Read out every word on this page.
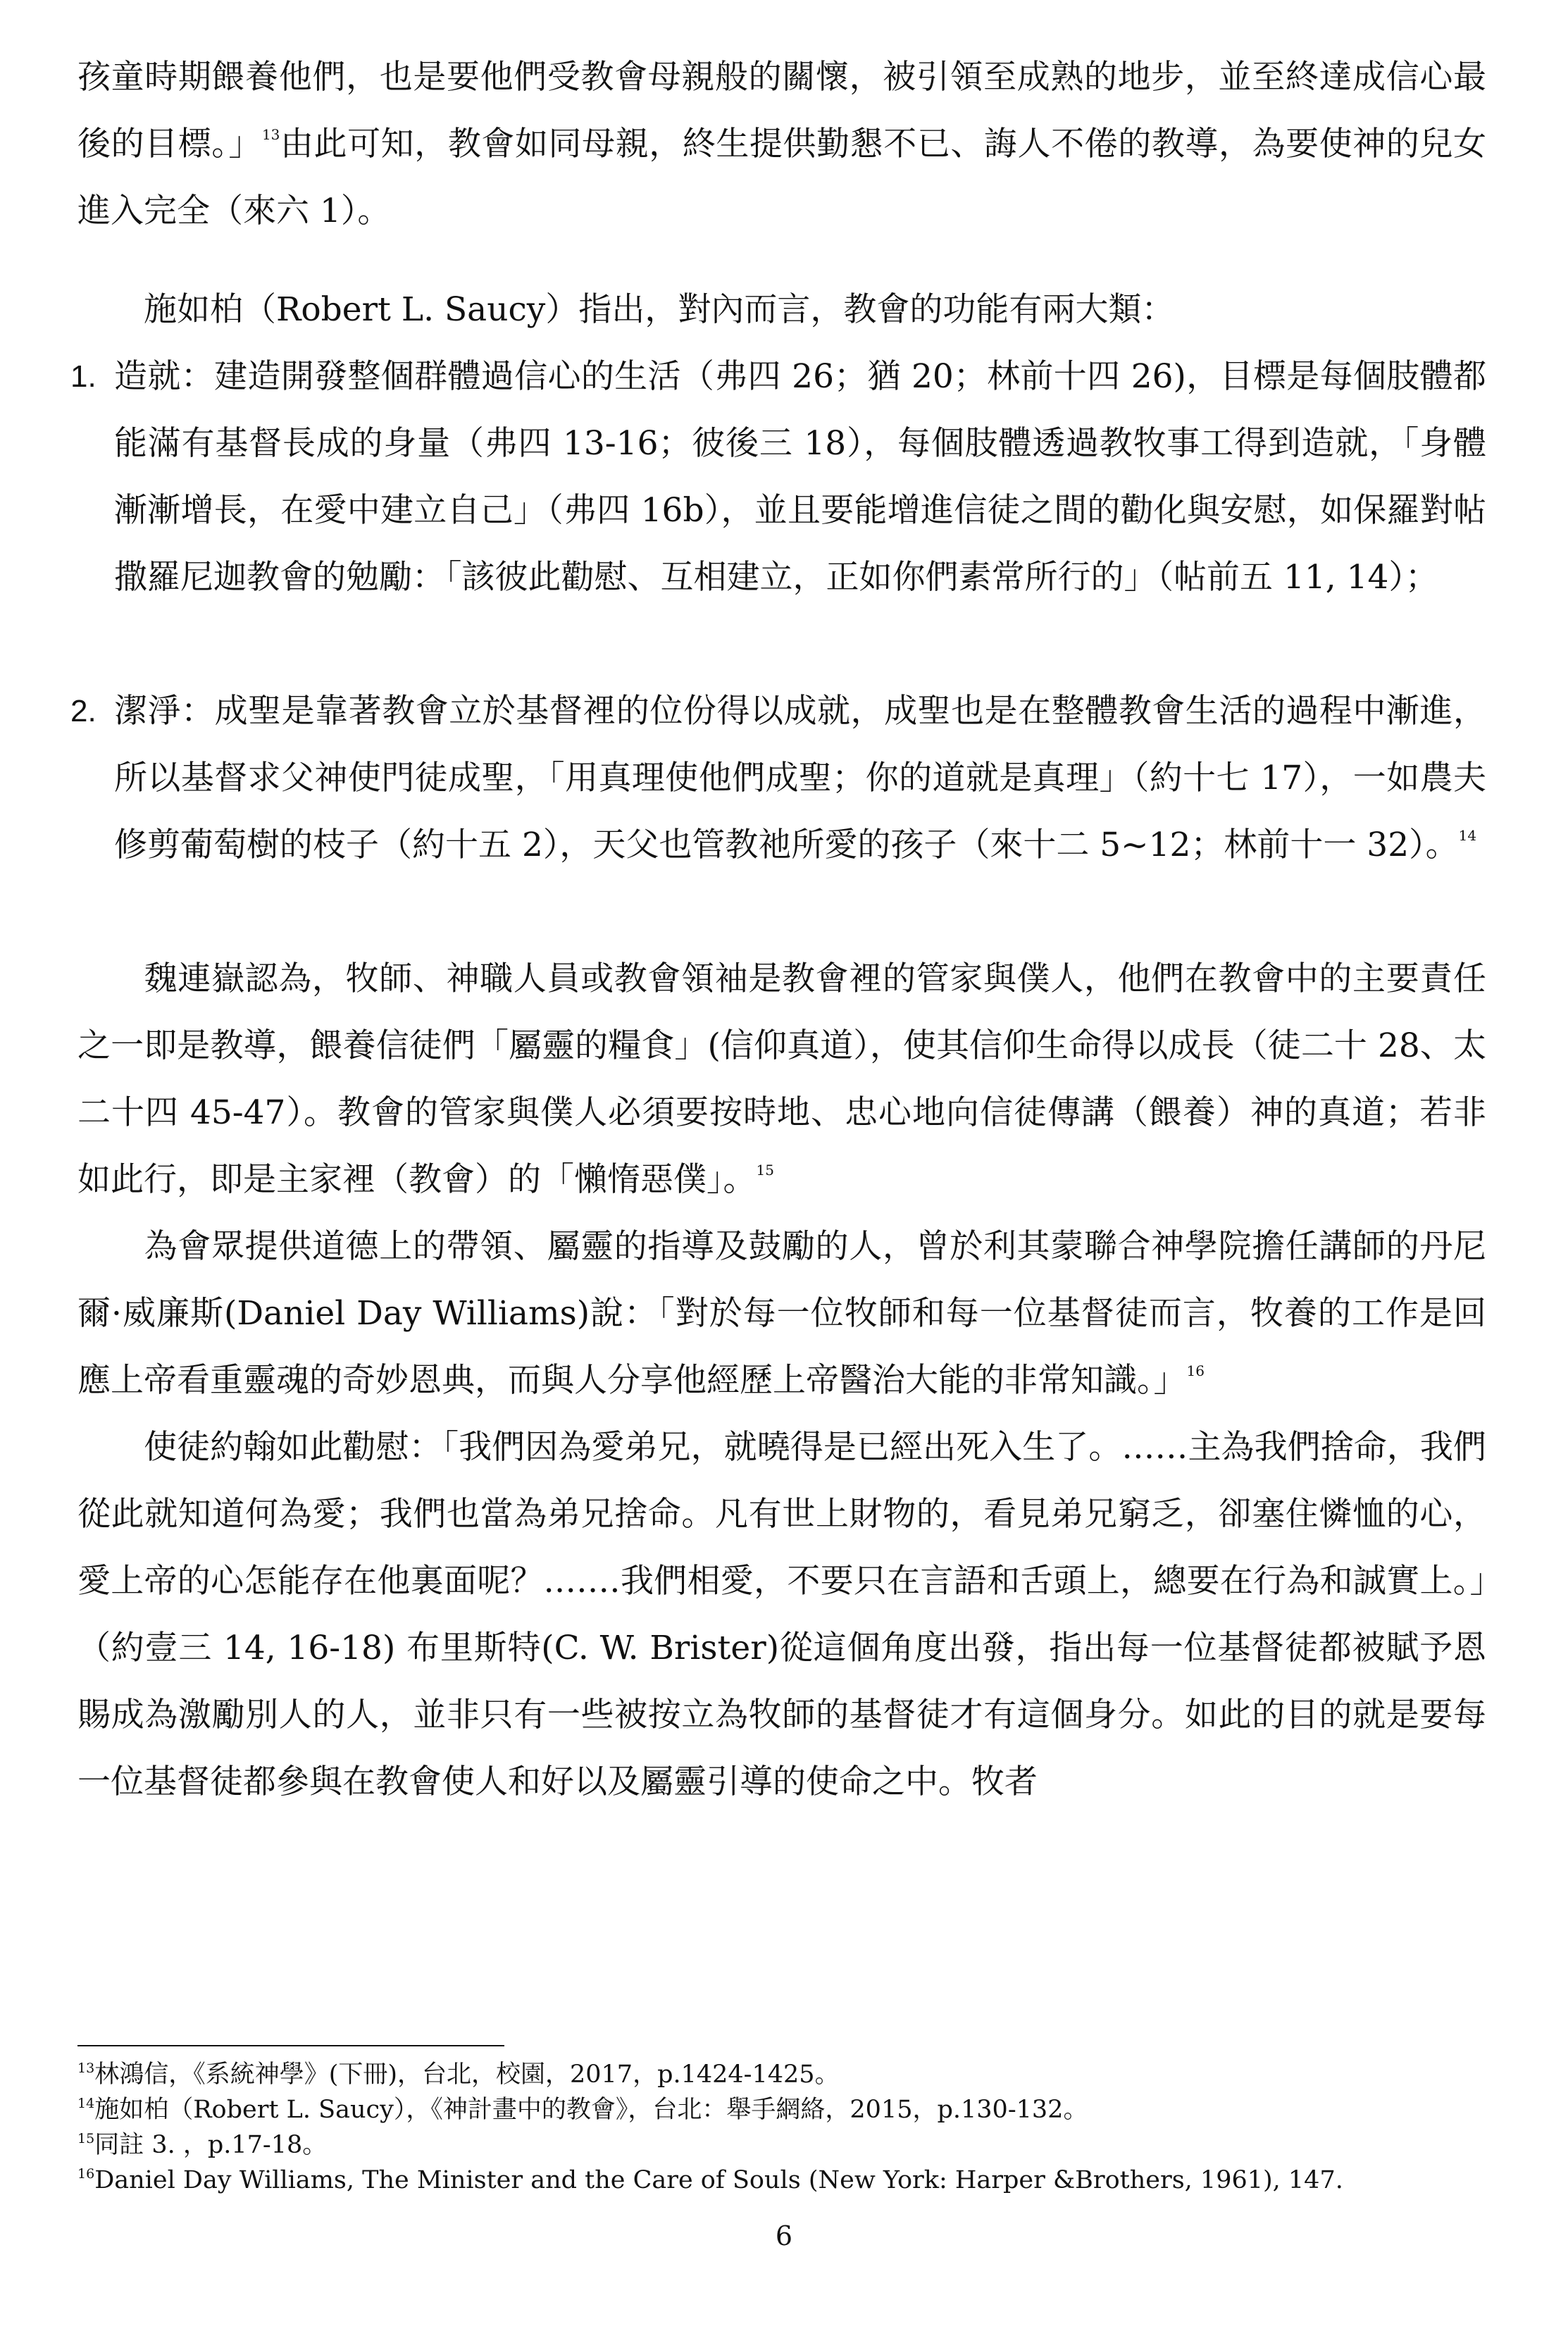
孩童時期餵養他們，也是要他們受教會母親般的關懷，被引領至成熟的地步，並至終達成信心最後的目標。」$^{13}$由此可知，教會如同母親，終生提供勤懇不已、誨人不倦的教導，為要使神的兒女進入完全（來六 1）。

施如柏（Robert L. Saucy）指出，對內而言，教會的功能有兩大類：

1. 造就：建造開發整個群體過信心的生活（弗四 26；猶 20；林前十四 26)，目標是每個肢體都能滿有基督長成的身量（弗四 13-16；彼後三 18），每個肢體透過教牧事工得到造就，「身體漸漸增長，在愛中建立自己」（弗四 16b），並且要能增進信徒之間的勸化與安慰，如保羅對帖撒羅尼迦教會的勉勵：「該彼此勸慰、互相建立，正如你們素常所行的」（帖前五 11, 14）；
2. 潔淨：成聖是靠著教會立於基督裡的位份得以成就，成聖也是在整體教會生活的過程中漸進，所以基督求父神使門徒成聖，「用真理使他們成聖；你的道就是真理」（約十七 17），一如農夫修剪葡萄樹的枝子（約十五 2），天父也管教祂所愛的孩子（來十二 5~12；林前十一 32）。$^{14}$

魏連嶽認為，牧師、神職人員或教會領袖是教會裡的管家與僕人，他們在教會中的主要責任之一即是教導，餵養信徒們「屬靈的糧食」(信仰真道），使其信仰生命得以成長（徒二十 28、太二十四 45-47）。教會的管家與僕人必須要按時地、忠心地向信徒傳講（餵養）神的真道；若非如此行，即是主家裡（教會）的「懶惰惡僕」。$^{15}$

為會眾提供道德上的帶領、屬靈的指導及鼓勵的人，曾於利其蒙聯合神學院擔任講師的丹尼爾·威廉斯(Daniel Day Williams)說：「對於每一位牧師和每一位基督徒而言，牧養的工作是回應上帝看重靈魂的奇妙恩典，而與人分享他經歷上帝醫治大能的非常知識。」$^{16}$

使徒約翰如此勸慰：「我們因為愛弟兄，就曉得是已經出死入生了。……主為我們捨命，我們從此就知道何為愛；我們也當為弟兄捨命。凡有世上財物的，看見弟兄窮乏，卻塞住憐恤的心，愛上帝的心怎能存在他裏面呢？.……我們相愛，不要只在言語和舌頭上，總要在行為和誠實上。」（約壹三 14, 16-18) 布里斯特(C. W. Brister)從這個角度出發，指出每一位基督徒都被賦予恩賜成為激勵別人的人，並非只有一些被按立為牧師的基督徒才有這個身分。如此的目的就是要每一位基督徒都參與在教會使人和好以及屬靈引導的使命之中。牧者

$^{13}$林鴻信，《系統神學》(下冊)，台北，校園，2017，p.1424-1425。
$^{14}$施如柏（Robert L. Saucy），《神計畫中的教會》，台北：舉手網絡，2015，p.130-132。
$^{15}$同註 3. ，p.17-18。
$^{16}$Daniel Day Williams, The Minister and the Care of Souls (New York: Harper &Brothers, 1961), 147.
6
